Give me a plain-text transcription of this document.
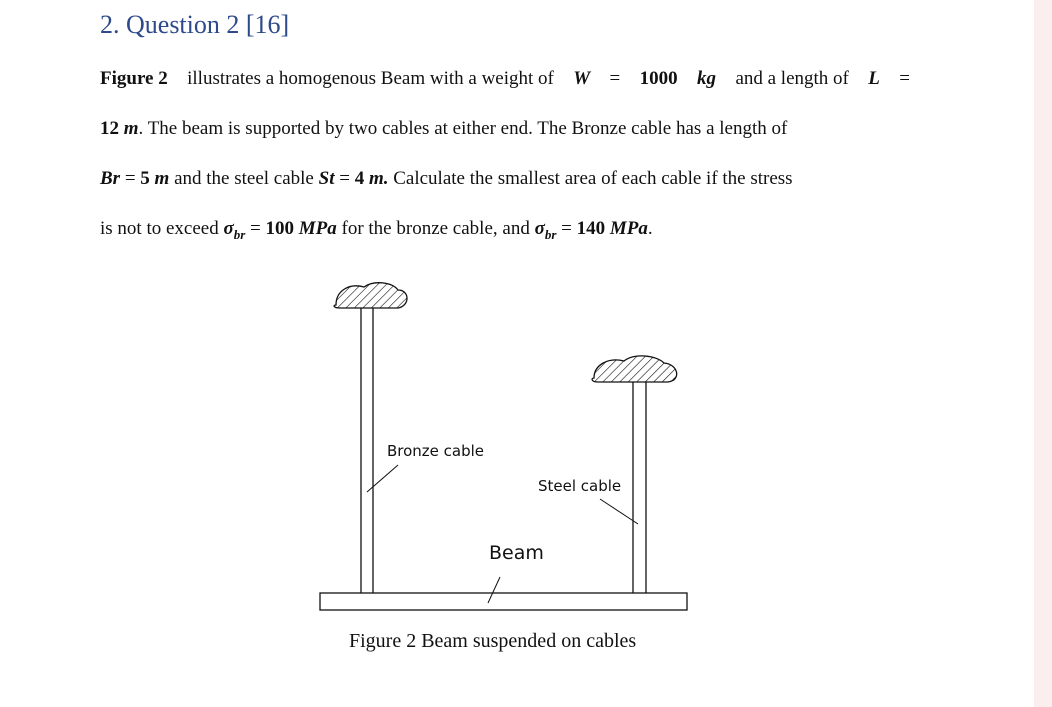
2. Question 2 [16]
Figure 2 illustrates a homogenous Beam with a weight of W = 1000 kg and a length of L =
12 m. The beam is supported by two cables at either end. The Bronze cable has a length of
Br = 5 m and the steel cable St = 4 m. Calculate the smallest area of each cable if the stress
is not to exceed $\sigma_{br} = 100$ MPa for the bronze cable, and $\sigma_{br} = 140$ MPa.
Bronze cable
Steel cable
Beam
Figure 2 Beam suspended on cables
